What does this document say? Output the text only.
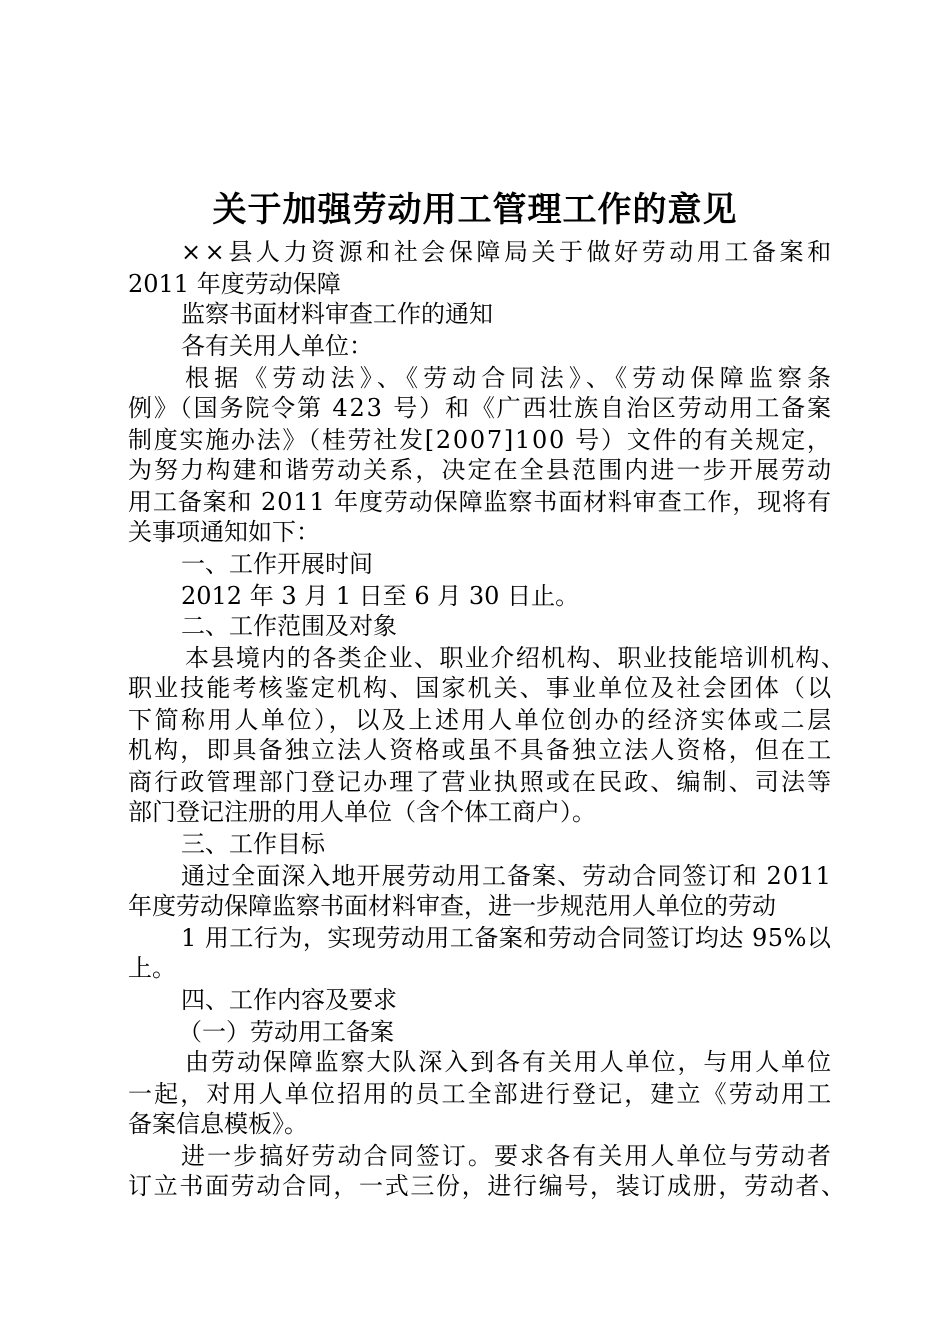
关于加强劳动用工管理工作的意见
××县人力资源和社会保障局关于做好劳动用工备案和
2011 年度劳动保障
监察书面材料审查工作的通知
各有关用人单位：
根据《劳动法》、《劳动合同法》、《劳动保障监察条
例》（国务院令第 423 号）和《广西壮族自治区劳动用工备案
制度实施办法》（桂劳社发[2007]100 号）文件的有关规定，
为努力构建和谐劳动关系，决定在全县范围内进一步开展劳动
用工备案和 2011 年度劳动保障监察书面材料审查工作，现将有
关事项通知如下：
一、工作开展时间
2012 年 3 月 1 日至 6 月 30 日止。
二、工作范围及对象
本县境内的各类企业、职业介绍机构、职业技能培训机构、
职业技能考核鉴定机构、国家机关、事业单位及社会团体（以
下简称用人单位），以及上述用人单位创办的经济实体或二层
机构，即具备独立法人资格或虽不具备独立法人资格，但在工
商行政管理部门登记办理了营业执照或在民政、编制、司法等
部门登记注册的用人单位（含个体工商户）。
三、工作目标
通过全面深入地开展劳动用工备案、劳动合同签订和 2011
年度劳动保障监察书面材料审查，进一步规范用人单位的劳动
1 用工行为，实现劳动用工备案和劳动合同签订均达 95%以
上。
四、工作内容及要求
（一）劳动用工备案
由劳动保障监察大队深入到各有关用人单位，与用人单位
一起，对用人单位招用的员工全部进行登记，建立《劳动用工
备案信息模板》。
进一步搞好劳动合同签订。要求各有关用人单位与劳动者
订立书面劳动合同，一式三份，进行编号，装订成册，劳动者、
